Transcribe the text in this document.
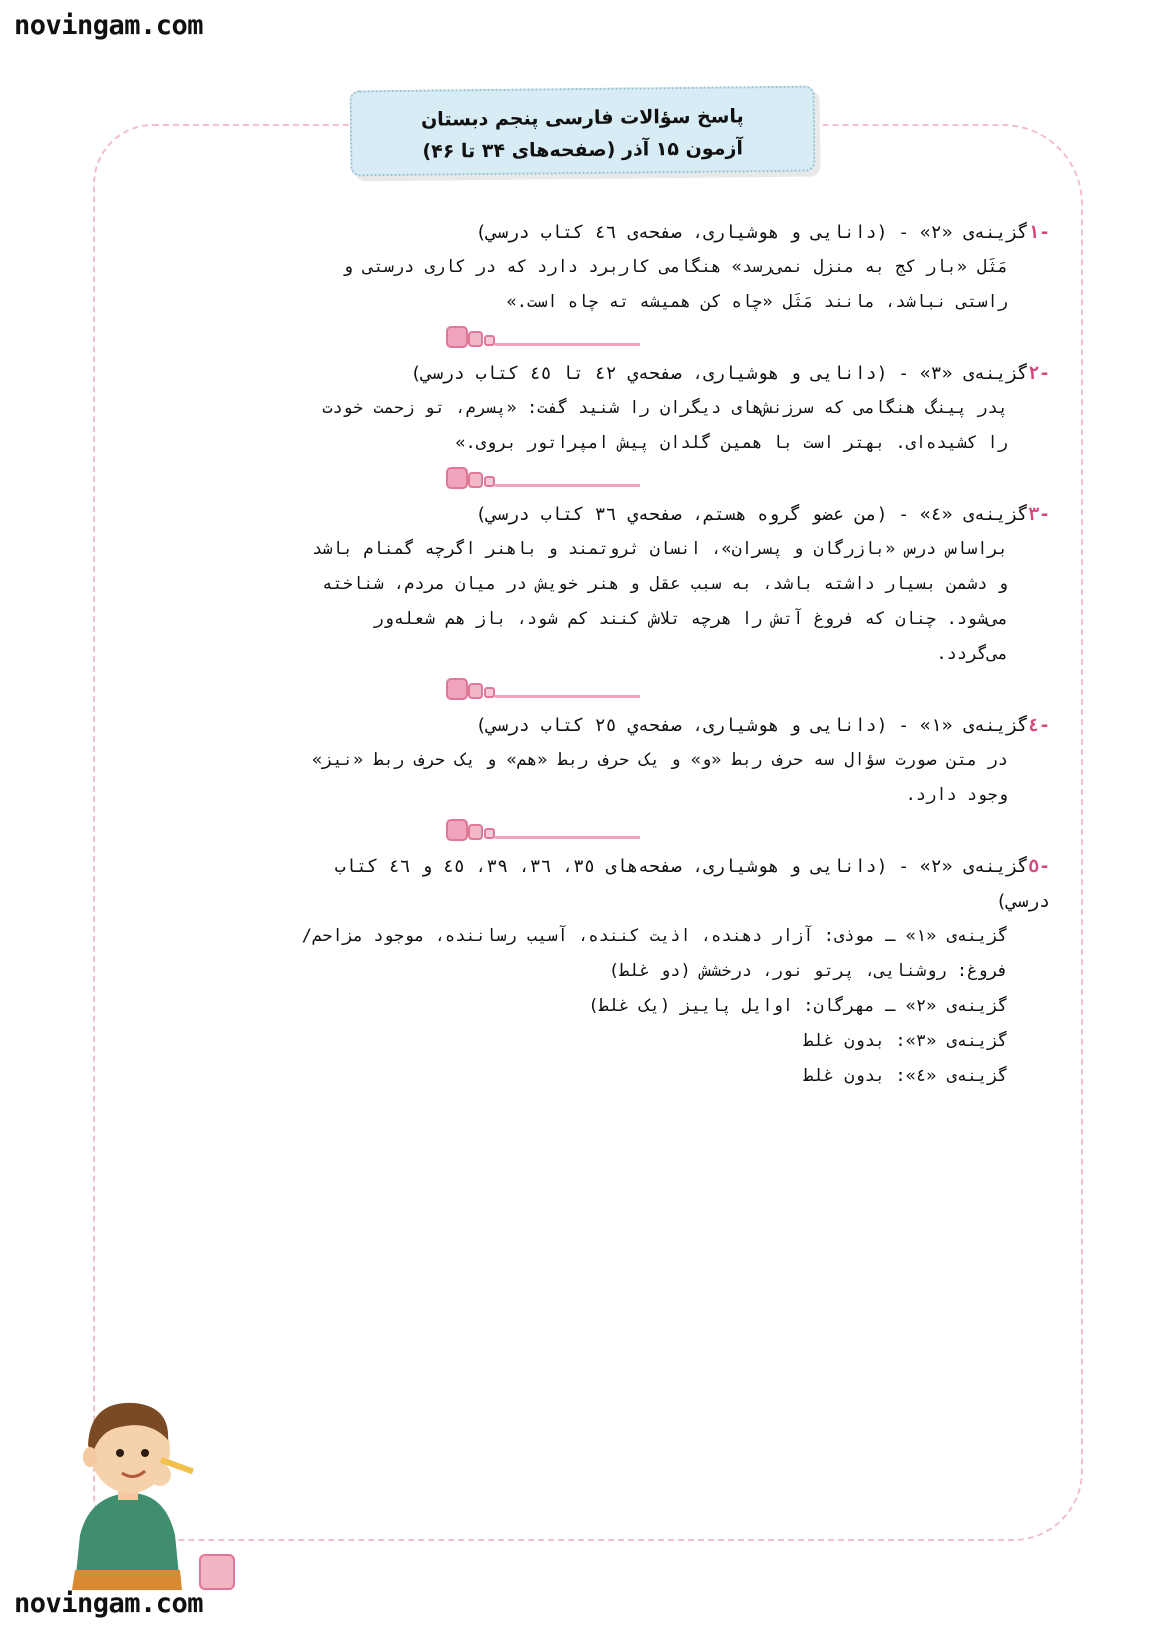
novingam.com
پاسخ سؤالات فارسی پنجم دبستان
آزمون ۱۵ آذر (صفحه‌های ۳۴ تا ۴۶)
-۱گزینه‌ی «۲» - (دانایی و هوشیاری، صفحه‌ی ٤٦ کتاب درسي)
مَثَل «بار کج به منزل نمی‌رسد» هنگامی کاربرد دارد که در کاری درستی و
راستی نباشد، مانند مَثَل «چاه کن همیشه ته چاه است.»
-۲گزینه‌ی «۳» - (دانایی و هوشیاری، صفحه‌ي ٤٢ تا ٤٥ کتاب درسي)
پدر پینگ هنگامی که سرزنش‌های دیگران را شنید گفت: «پسرم، تو زحمت خودت
را کشیده‌ای. بهتر است با همین گلدان پیش امپراتور بروی.»
-۳گزینه‌ی «٤» - (من عضو گروه هستم، صفحه‌ي ٣٦ کتاب درسي)
براساس درس «بازرگان و پسران»، انسان ثروتمند و باهنر اگرچه گمنام باشد
و دشمن بسیار داشته باشد، به سبب عقل و هنر خویش در میان مردم، شناخته
می‌شود. چنان که فروغ آتش را هرچه تلاش کنند کم شود، باز هم شعله‌ور
می‌گردد.
-٤گزینه‌ی «۱» - (دانایی و هوشیاری، صفحه‌ي ٢٥ کتاب درسي)
در متن صورت سؤال سه حرف ربط «و» و یک حرف ربط «هم» و یک حرف ربط «نیز»
وجود دارد.
-٥گزینه‌ی «۲» - (دانایی و هوشیاری، صفحه‌های ٣٥، ٣٦، ٣٩، ٤٥ و ٤٦ کتاب
درسي)
گزینه‌ی «۱» ـ موذی: آزار دهنده، اذیت کننده، آسیب رساننده، موجود مزاحم/
فروغ: روشنایی، پرتو نور، درخشش (دو غلط)
گزینه‌ی «۲» ـ مهرگان: اوایل پاییز (یک غلط)
گزینه‌ی «۳»: بدون غلط
گزینه‌ی «٤»: بدون غلط
novingam.com
